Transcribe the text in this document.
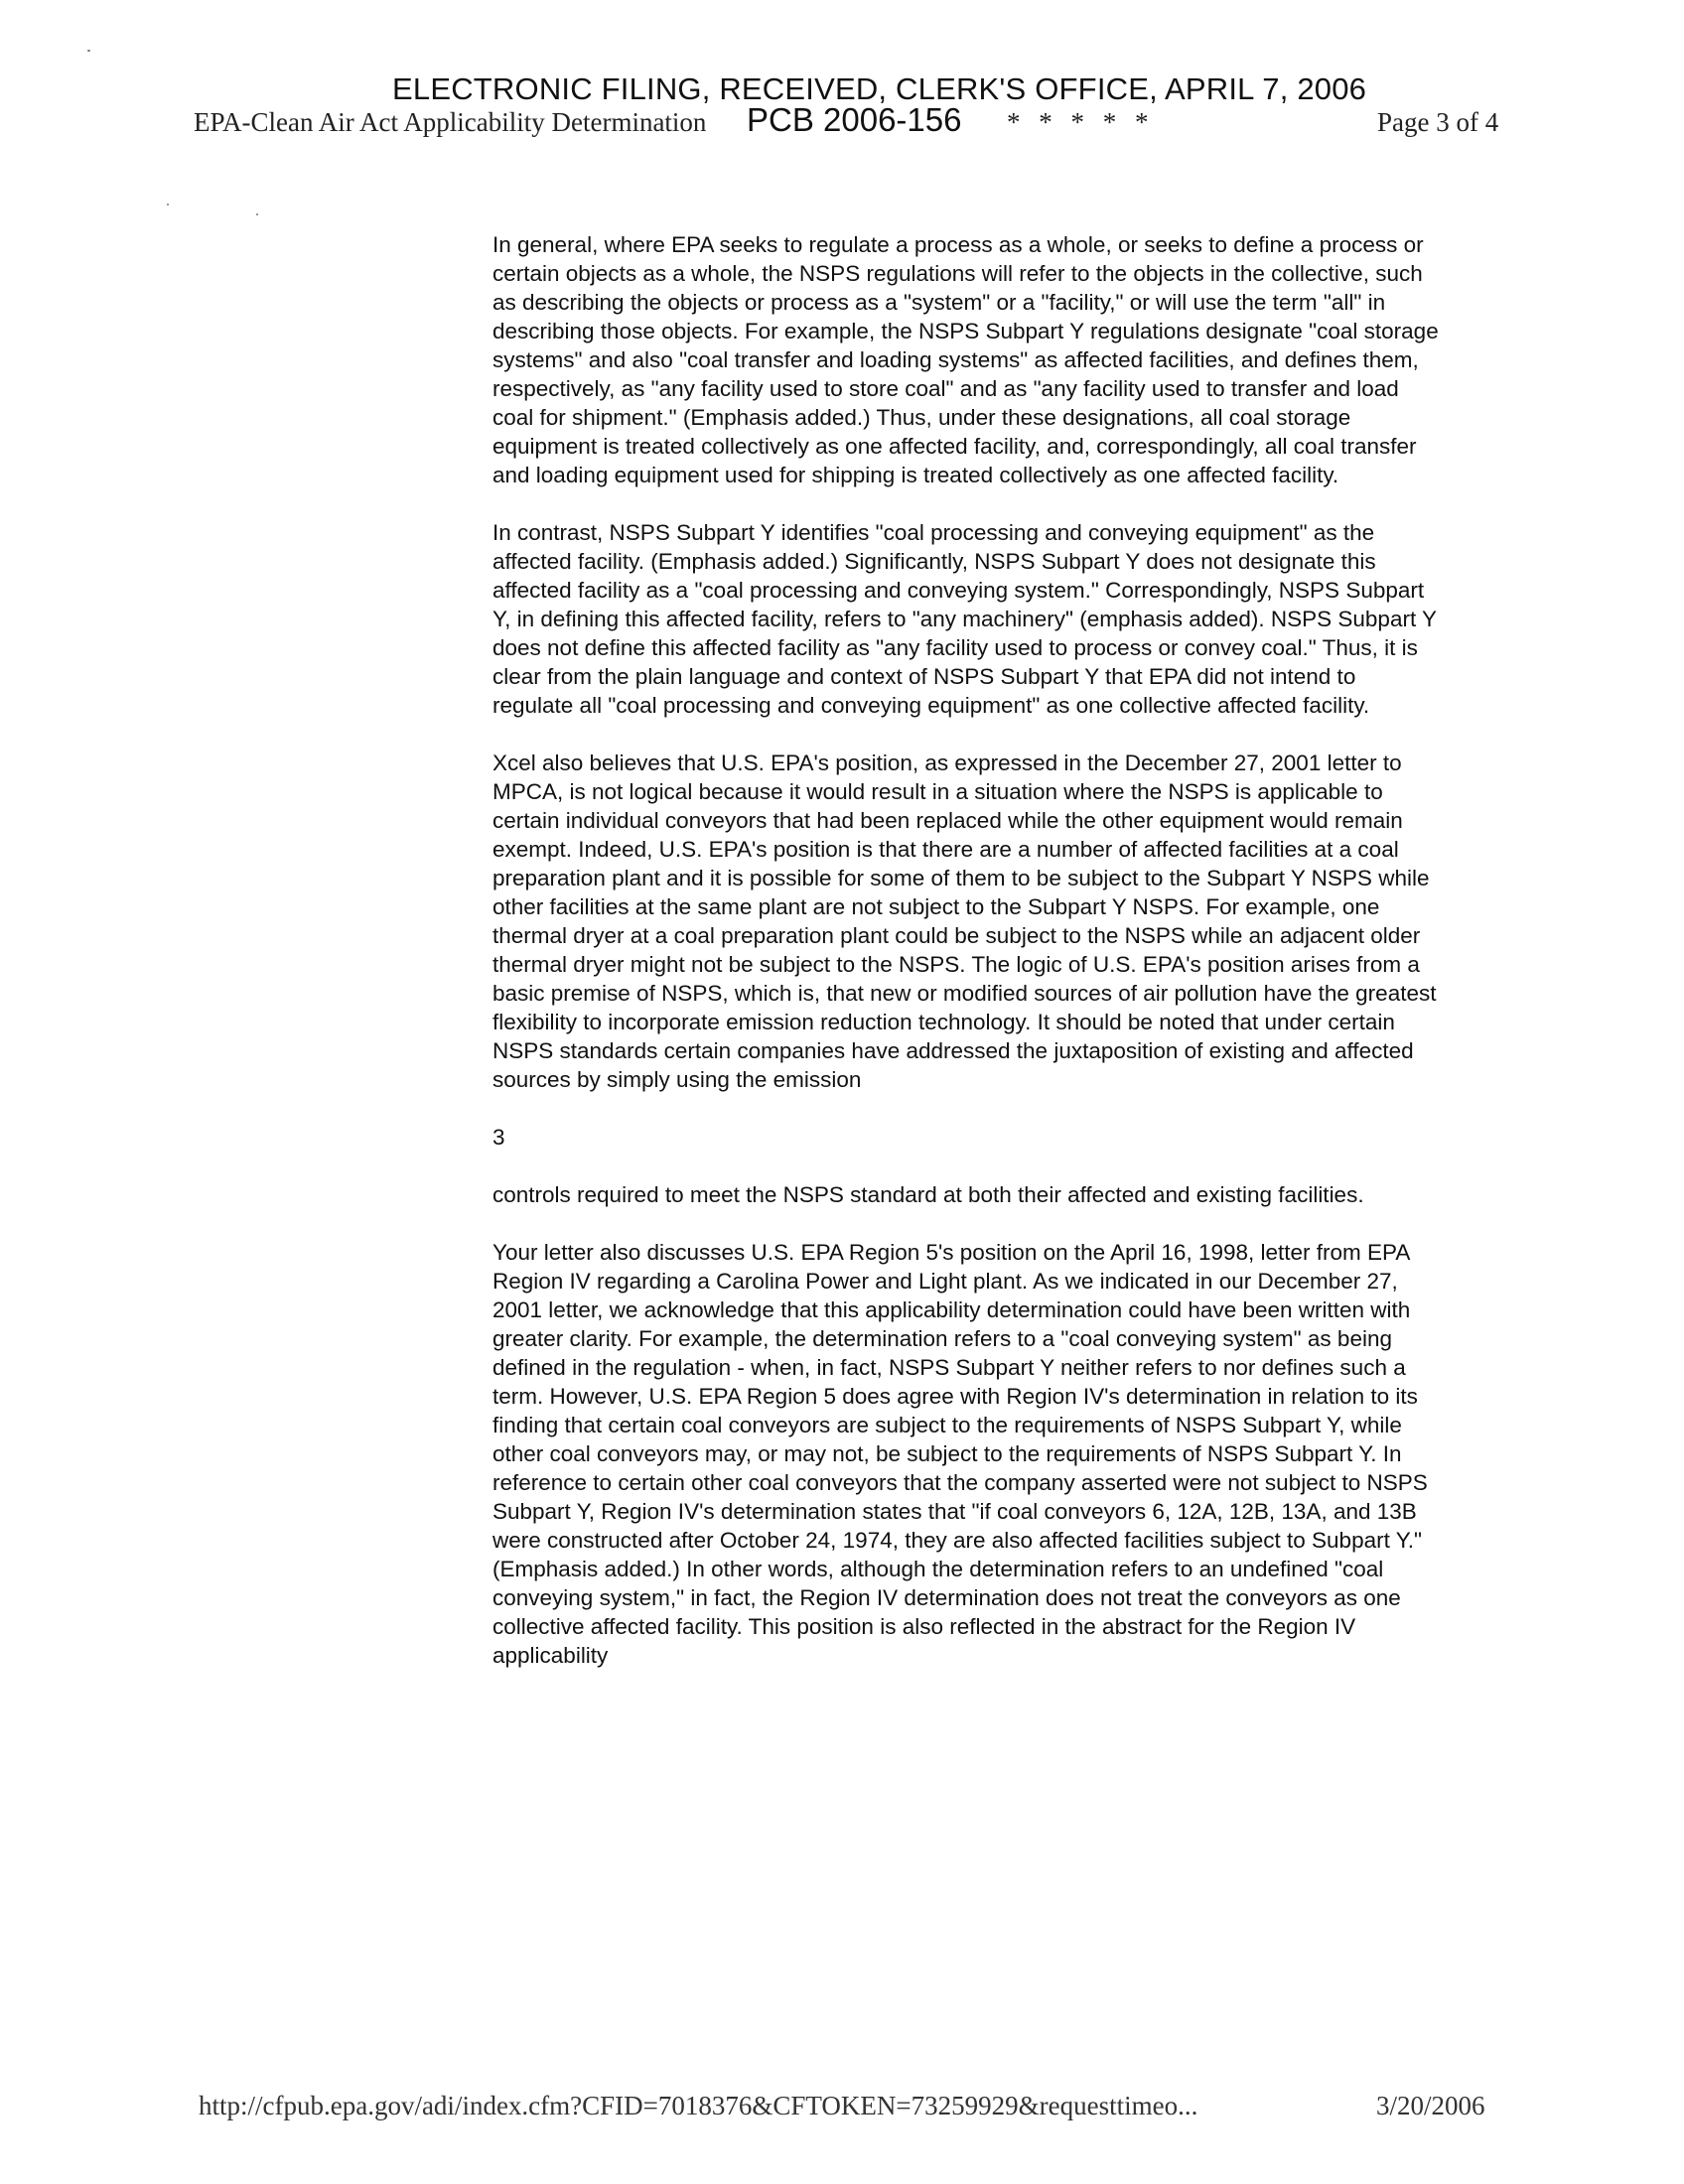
ELECTRONIC FILING, RECEIVED, CLERK'S OFFICE, APRIL 7, 2006
EPA-Clean Air Act Applicability Determination PCB 2006-156 * * * * *	Page 3 of 4

In general, where EPA seeks to regulate a process as a whole, or seeks to define a process or certain objects as a whole, the NSPS regulations will refer to the objects in the collective, such as describing the objects or process as a "system" or a "facility," or will use the term "all" in describing those objects. For example, the NSPS Subpart Y regulations designate "coal storage systems" and also "coal transfer and loading systems" as affected facilities, and defines them, respectively, as "any facility used to store coal" and as "any facility used to transfer and load coal for shipment." (Emphasis added.) Thus, under these designations, all coal storage equipment is treated collectively as one affected facility, and, correspondingly, all coal transfer and loading equipment used for shipping is treated collectively as one affected facility.

In contrast, NSPS Subpart Y identifies "coal processing and conveying equipment" as the affected facility. (Emphasis added.) Significantly, NSPS Subpart Y does not designate this affected facility as a "coal processing and conveying system." Correspondingly, NSPS Subpart Y, in defining this affected facility, refers to "any machinery" (emphasis added). NSPS Subpart Y does not define this affected facility as "any facility used to process or convey coal." Thus, it is clear from the plain language and context of NSPS Subpart Y that EPA did not intend to regulate all "coal processing and conveying equipment" as one collective affected facility.

Xcel also believes that U.S. EPA's position, as expressed in the December 27, 2001 letter to MPCA, is not logical because it would result in a situation where the NSPS is applicable to certain individual conveyors that had been replaced while the other equipment would remain exempt. Indeed, U.S. EPA's position is that there are a number of affected facilities at a coal preparation plant and it is possible for some of them to be subject to the Subpart Y NSPS while other facilities at the same plant are not subject to the Subpart Y NSPS. For example, one thermal dryer at a coal preparation plant could be subject to the NSPS while an adjacent older thermal dryer might not be subject to the NSPS. The logic of U.S. EPA's position arises from a basic premise of NSPS, which is, that new or modified sources of air pollution have the greatest flexibility to incorporate emission reduction technology. It should be noted that under certain NSPS standards certain companies have addressed the juxtaposition of existing and affected sources by simply using the emission

3

controls required to meet the NSPS standard at both their affected and existing facilities.

Your letter also discusses U.S. EPA Region 5's position on the April 16, 1998, letter from EPA Region IV regarding a Carolina Power and Light plant. As we indicated in our December 27, 2001 letter, we acknowledge that this applicability determination could have been written with greater clarity. For example, the determination refers to a "coal conveying system" as being defined in the regulation - when, in fact, NSPS Subpart Y neither refers to nor defines such a term. However, U.S. EPA Region 5 does agree with Region IV's determination in relation to its finding that certain coal conveyors are subject to the requirements of NSPS Subpart Y, while other coal conveyors may, or may not, be subject to the requirements of NSPS Subpart Y. In reference to certain other coal conveyors that the company asserted were not subject to NSPS Subpart Y, Region IV's determination states that "if coal conveyors 6, 12A, 12B, 13A, and 13B were constructed after October 24, 1974, they are also affected facilities subject to Subpart Y." (Emphasis added.) In other words, although the determination refers to an undefined "coal conveying system," in fact, the Region IV determination does not treat the conveyors as one collective affected facility. This position is also reflected in the abstract for the Region IV applicability

http://cfpub.epa.gov/adi/index.cfm?CFID=7018376&CFTOKEN=73259929&requesttimeo...	3/20/2006
